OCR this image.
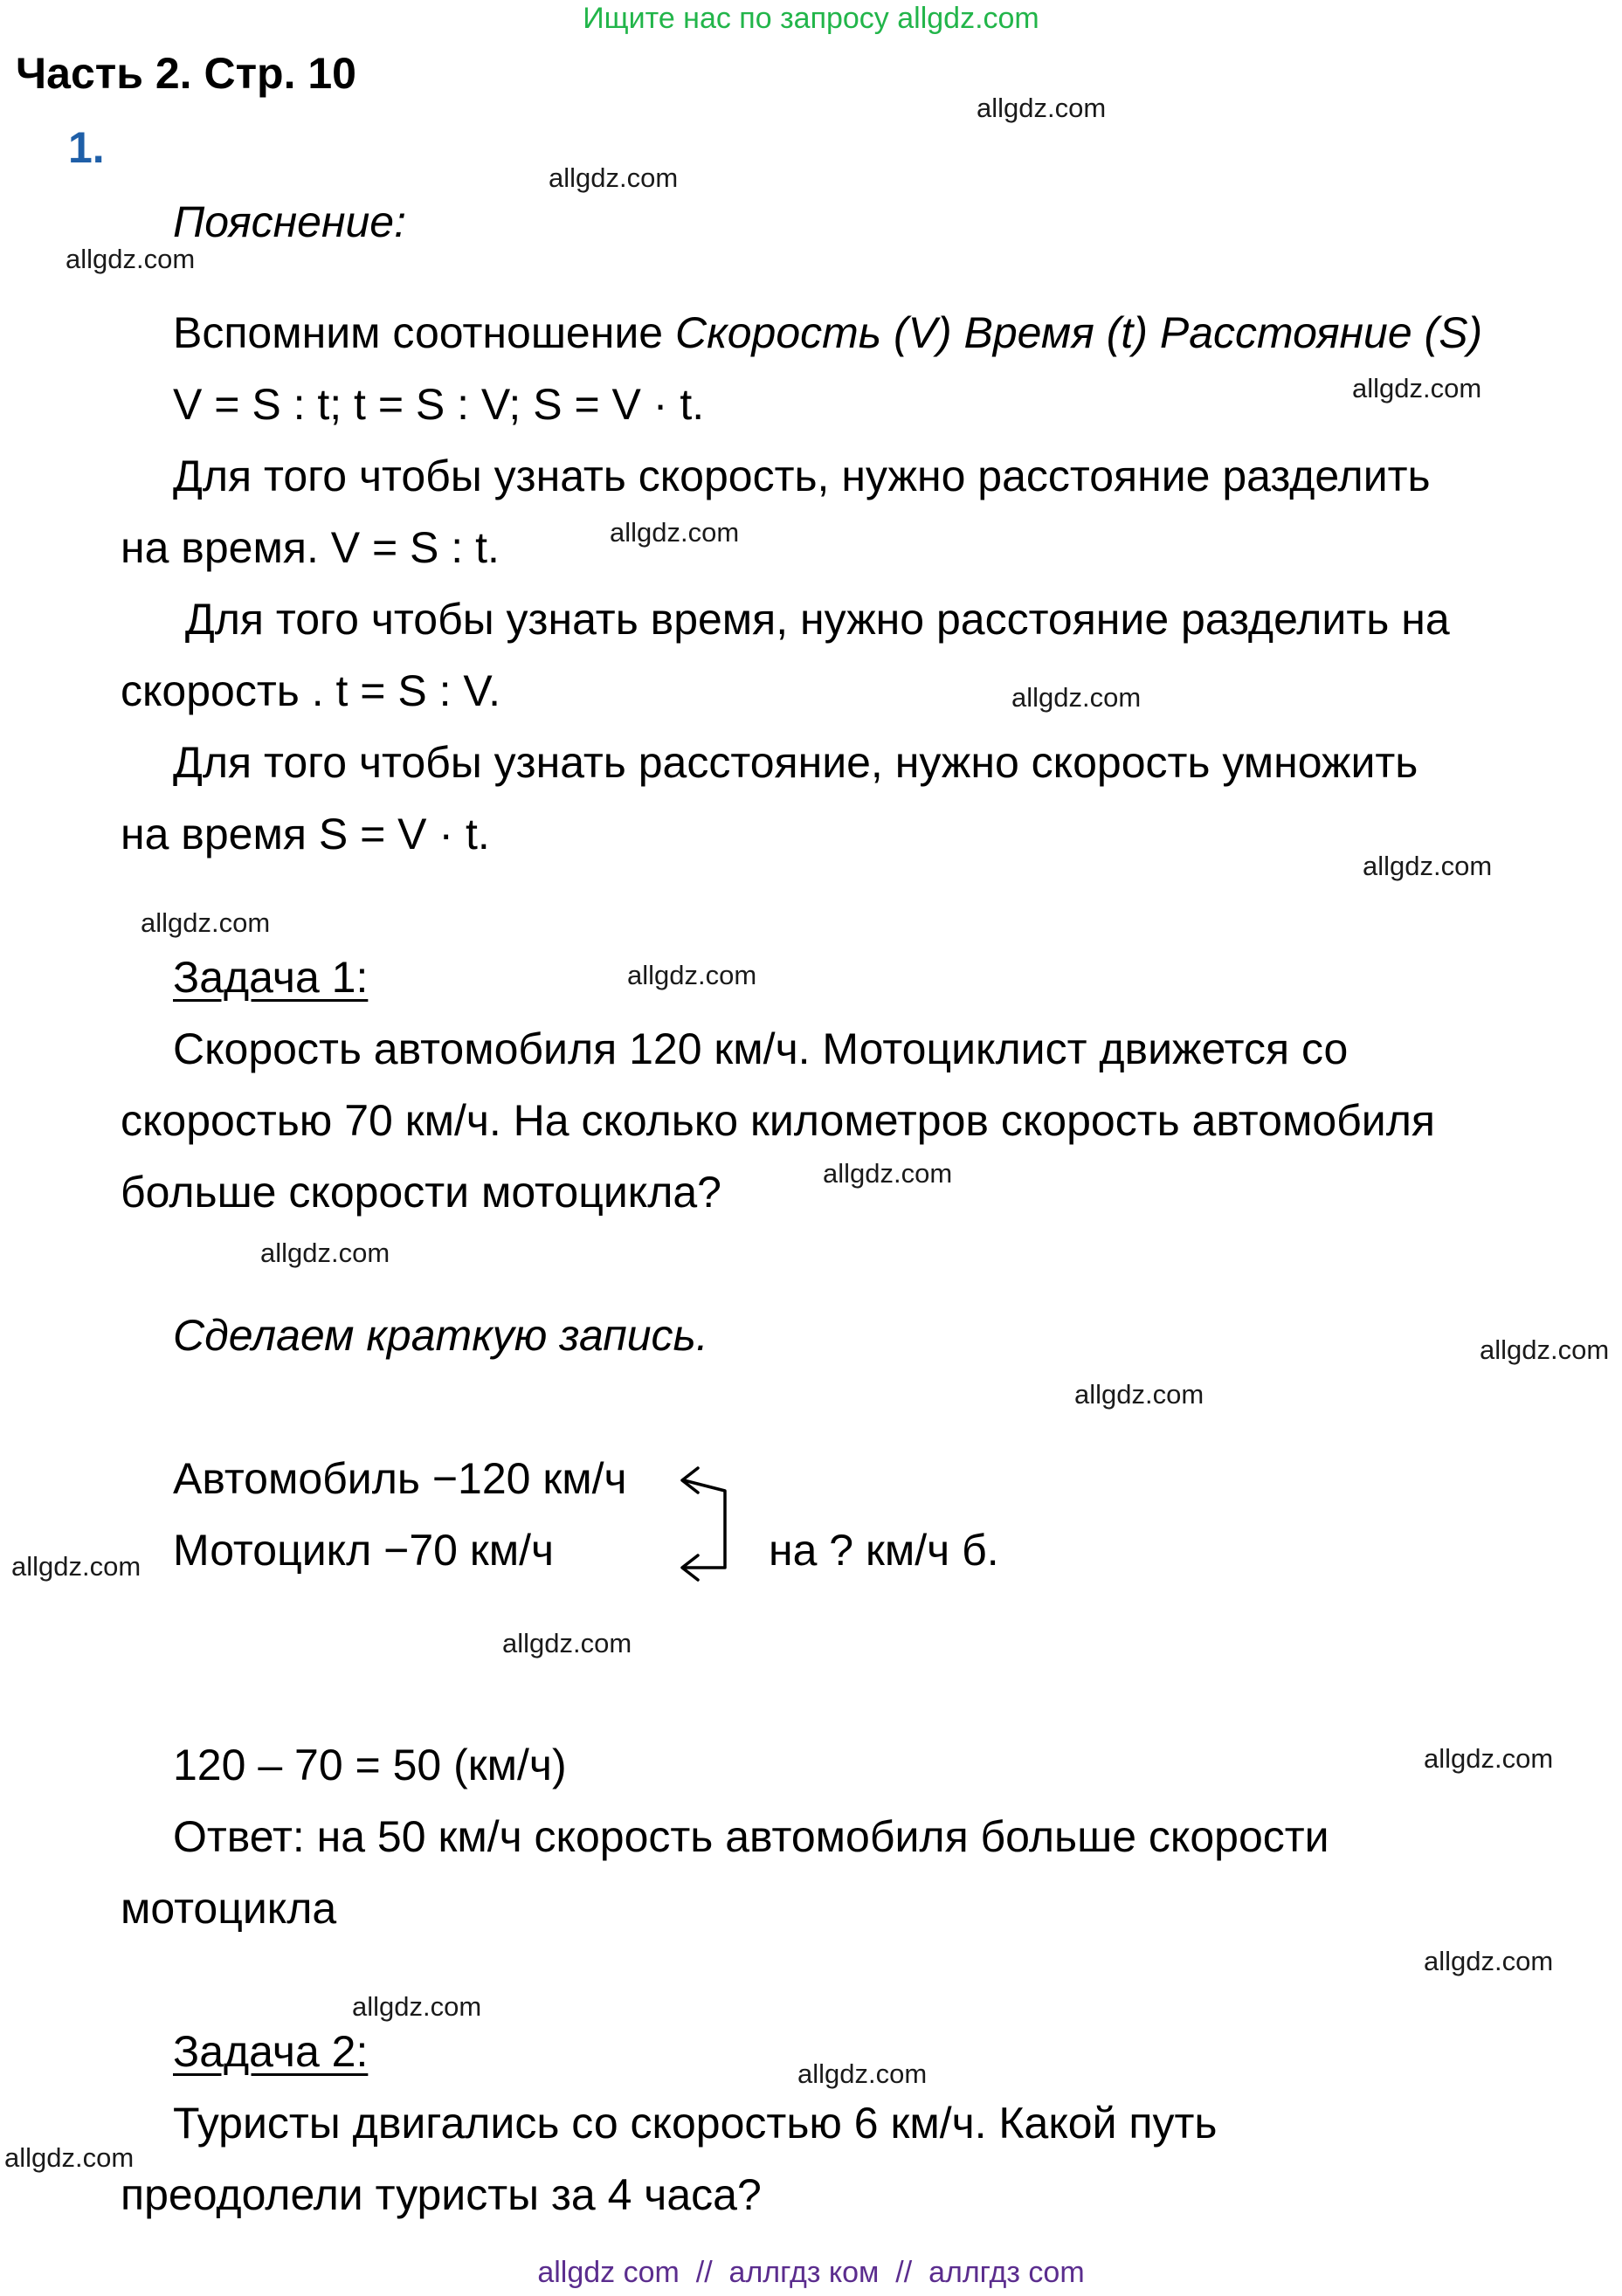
Ищите нас по запросу allgdz.com
Часть 2. Стр. 10
1.
Пояснение:
Вспомним соотношение Скорость (V) Время (t) Расстояние (S)
V = S : t; t = S : V; S = V · t.
Для того чтобы узнать скорость, нужно расстояние разделить
на время. V = S : t.
Для того чтобы узнать время, нужно расстояние разделить на
скорость . t = S : V.
Для того чтобы узнать расстояние, нужно скорость умножить
на время S = V · t.
Задача 1:
Скорость автомобиля 120 км/ч. Мотоциклист движется со
скоростью 70 км/ч. На сколько километров скорость автомобиля
больше скорости мотоцикла?
Сделаем краткую запись.
Автомобиль −120 км/ч
Мотоцикл −70 км/ч	на ? км/ч б.
120 – 70 = 50 (км/ч)
Ответ: на 50 км/ч скорость автомобиля больше скорости
мотоцикла
Задача 2:
Туристы двигались со скоростью 6 км/ч. Какой путь
преодолели туристы за 4 часа?
allgdz.com
allgdz.com
allgdz.com
allgdz.com
allgdz.com
allgdz.com
allgdz.com
allgdz.com
allgdz.com
allgdz.com
allgdz.com
allgdz.com
allgdz.com
allgdz.com
allgdz.com
allgdz.com
allgdz.com
allgdz.com
allgdz.com
allgdz.com
allgdz com  //  аллгдз ком  //  аллгдз com
